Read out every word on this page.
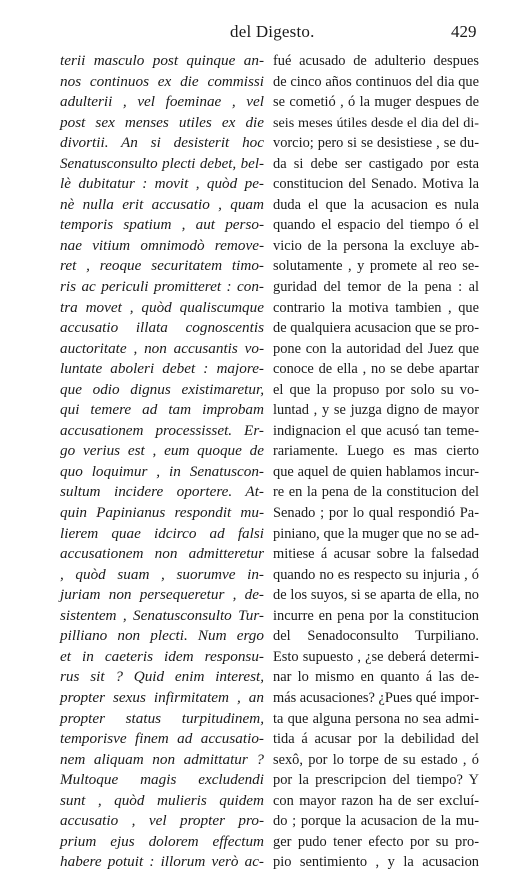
del Digesto.	429
terii masculo post quinque an-
nos continuos ex die commissi
adulterii , vel foeminae , vel
post sex menses utiles ex die
divortii. An si desisterit hoc
Senatusconsulto plecti debet, bel-
lè dubitatur : movit , quòd pe-
nè nulla erit accusatio , quam
temporis spatium , aut perso-
nae vitium omnimodò remove-
ret , reoque securitatem timo-
ris ac periculi promitteret : con-
tra movet , quòd qualiscumque
accusatio illata cognoscentis
auctoritate , non accusantis vo-
luntate aboleri debet : majore-
que odio dignus existimaretur,
qui temere ad tam improbam
accusationem processisset. Er-
go verius est , eum quoque de
quo loquimur , in Senatuscon-
sultum incidere oportere. At-
quin Papinianus respondit mu-
lierem quae idcirco ad falsi
accusationem non admitteretur
, quòd suam , suorumve in-
juriam non persequeretur , de-
sistentem , Senatusconsulto Tur-
pilliano non plecti. Num ergo
et in caeteris idem responsu-
rus sit ? Quid enim interest,
propter sexus infirmitatem , an
propter status turpitudinem,
temporisve finem ad accusatio-
nem aliquam non admittatur ?
Multoque magis excludendi
sunt , quòd mulieris quidem
accusatio , vel propter pro-
prium ejus dolorem effectum
habere potuit : illorum verò ac-
fué acusado de adulterio despues
de cinco años continuos del dia que
se cometió , ó la muger despues de
seis meses útiles desde el dia del di-
vorcio; pero si se desistiese , se du-
da si debe ser castigado por esta
constitucion del Senado. Motiva la
duda el que la acusacion es nula
quando el espacio del tiempo ó el
vicio de la persona la excluye ab-
solutamente , y promete al reo se-
guridad del temor de la pena : al
contrario la motiva tambien , que
de qualquiera acusacion que se pro-
pone con la autoridad del Juez que
conoce de ella , no se debe apartar
el que la propuso por solo su vo-
luntad , y se juzga digno de mayor
indignacion el que acusó tan teme-
rariamente. Luego es mas cierto
que aquel de quien hablamos incur-
re en la pena de la constitucion del
Senado ; por lo qual respondió Pa-
piniano, que la muger que no se ad-
mitiese á acusar sobre la falsedad
quando no es respecto su injuria , ó
de los suyos, si se aparta de ella, no
incurre en pena por la constitucion
del Senadoconsulto Turpiliano.
Esto supuesto , ¿se deberá determi-
nar lo mismo en quanto á las de-
más acusaciones? ¿Pues qué impor-
ta que alguna persona no sea admi-
tida á acusar por la debilidad del
sexô, por lo torpe de su estado , ó
por la prescripcion del tiempo? Y
con mayor razon ha de ser excluí-
do ; porque la acusacion de la mu-
ger pudo tener efecto por su pro-
pio sentimiento , y la acusacion
